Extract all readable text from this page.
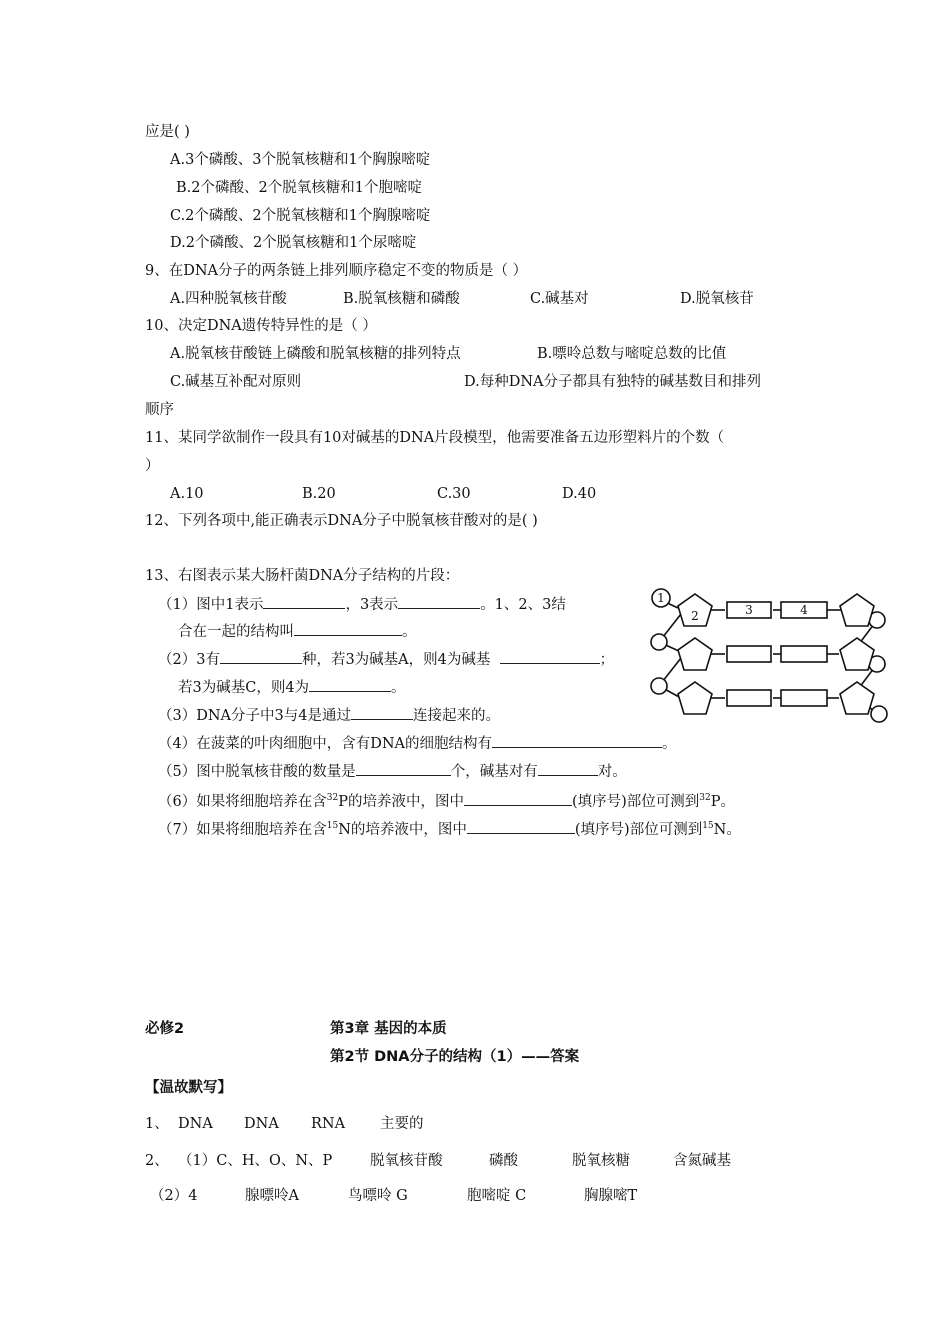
应是( )
A.3个磷酸、3个脱氧核糖和1个胸腺嘧啶
B.2个磷酸、2个脱氧核糖和1个胞嘧啶
C.2个磷酸、2个脱氧核糖和1个胸腺嘧啶
D.2个磷酸、2个脱氧核糖和1个尿嘧啶
9、在DNA分子的两条链上排列顺序稳定不变的物质是（ ）
A.四种脱氧核苷酸	B.脱氧核糖和磷酸	C.碱基对	D.脱氧核苷
10、决定DNA遗传特异性的是（ ）
A.脱氧核苷酸链上磷酸和脱氧核糖的排列特点	B.嘌呤总数与嘧啶总数的比值
C.碱基互补配对原则	D.每种DNA分子都具有独特的碱基数目和排列
顺序
11、某同学欲制作一段具有10对碱基的DNA片段模型，他需要准备五边形塑料片的个数（
）
A.10	B.20	C.30	D.40
12、下列各项中,能正确表示DNA分子中脱氧核苷酸对的是( )
13、右图表示某大肠杆菌DNA分子结构的片段：
（1）图中1表示	，3表示	。1、2、3结
合在一起的结构叫	。
（2）3有	种，若3为碱基A，则4为碱基	；
若3为碱基C，则4为	。
（3）DNA分子中3与4是通过	连接起来的。
（4）在菠菜的叶肉细胞中，含有DNA的细胞结构有	。
（5）图中脱氧核苷酸的数量是	个，碱基对有	对。
（6）如果将细胞培养在含$^{32}$P的培养液中，图中	(填序号)部位可测到$^{32}$P。
（7）如果将细胞培养在含$^{15}$N的培养液中，图中	(填序号)部位可测到$^{15}$N。
1
2	3	4
必修2	第3章 基因的本质
第2节 DNA分子的结构（1）——答案
【温故默写】
1、 DNA DNA RNA 主要的
2、 （1）C、H、O、N、P	脱氧核苷酸	磷酸	脱氧核糖	含氮碱基
（2）4	腺嘌呤A	鸟嘌呤 G	胞嘧啶 C	胸腺嘧T
